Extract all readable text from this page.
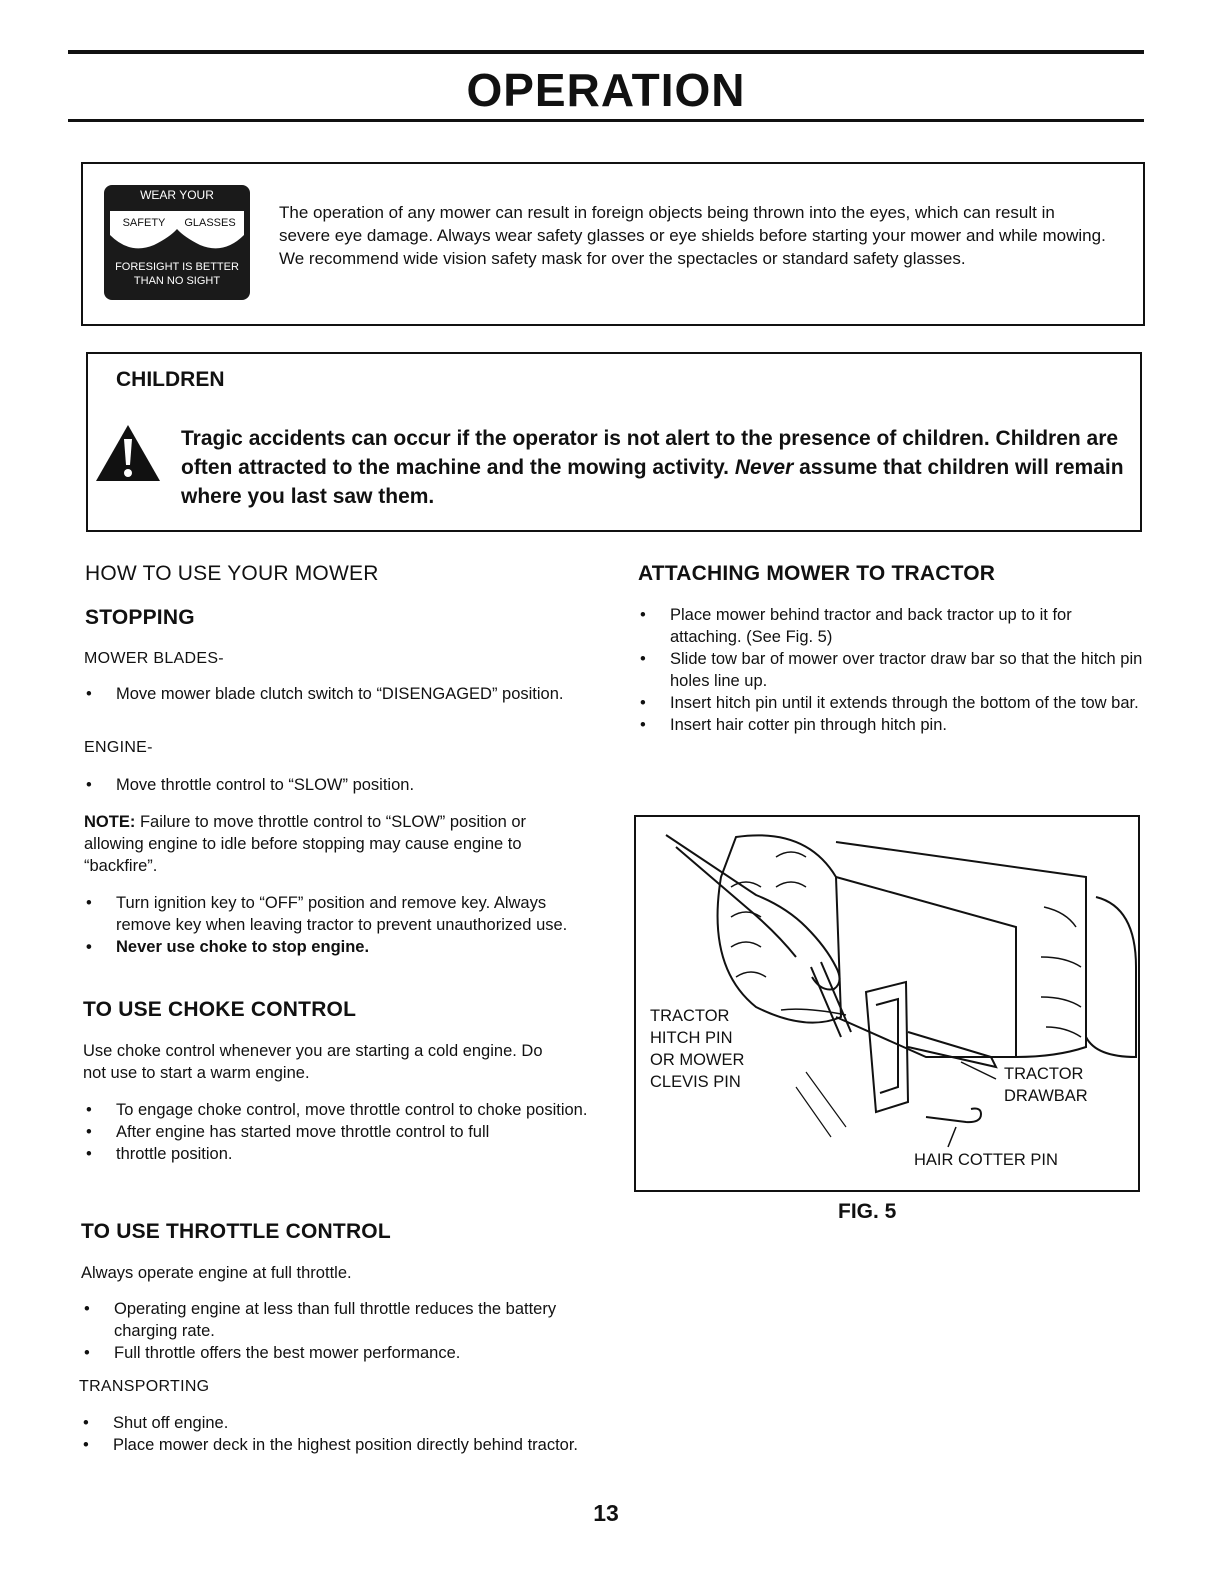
OPERATION
WEAR YOUR
SAFETY	GLASSES
FORESIGHT IS BETTER
THAN NO SIGHT
The operation of any mower can result in foreign objects being thrown into the eyes, which can result in severe eye damage. Always wear safety glasses or eye shields before starting your mower and while mowing. We recommend wide vision safety mask for over the spectacles or standard safety glasses.
CHILDREN
Tragic accidents can occur if the operator is not alert to the presence of children. Children are often attracted to the machine and the mowing activity. Never assume that children will remain where you last saw them.
HOW TO USE YOUR MOWER
STOPPING
MOWER BLADES-
• Move mower blade clutch switch to “DISENGAGED” position.
ENGINE-
• Move throttle control to “SLOW” position.
NOTE: Failure to move throttle control to “SLOW” position or allowing engine to idle before stopping may cause engine to “backfire”.
• Turn ignition key to “OFF” position and remove key. Always remove key when leaving tractor to prevent unauthorized use.
• Never use choke to stop engine.
TO USE CHOKE CONTROL
Use choke control whenever you are starting a cold engine. Do not use to start a warm engine.
• To engage choke control, move throttle control to choke position.
• After engine has started move throttle control to full
• throttle position.
TO USE THROTTLE CONTROL
Always operate engine at full throttle.
• Operating engine at less than full throttle reduces the battery charging rate.
• Full throttle offers the best mower performance.
TRANSPORTING
• Shut off engine.
• Place mower deck in the highest position directly behind tractor.
ATTACHING MOWER TO TRACTOR
• Place mower behind tractor and back tractor up to it for attaching. (See Fig. 5)
• Slide tow bar of mower over tractor draw bar so that the hitch pin holes line up.
• Insert hitch pin until it extends through the bottom of the tow bar.
• Insert hair cotter pin through hitch pin.
TRACTOR
HITCH PIN
OR MOWER
CLEVIS PIN	TRACTOR
DRAWBAR
HAIR COTTER PIN
FIG. 5
13
